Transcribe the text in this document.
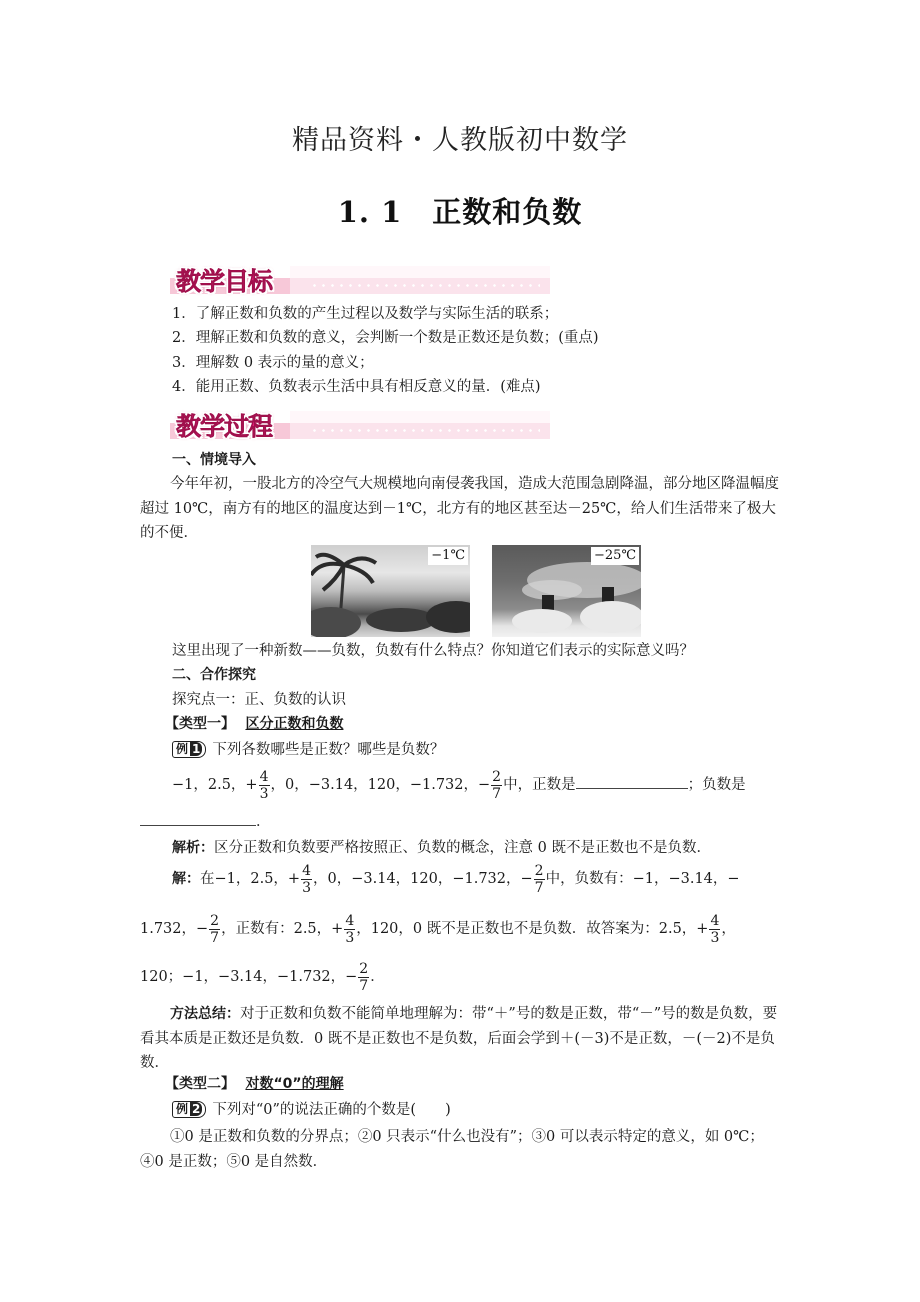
精品资料・人教版初中数学
1. 1 正数和负数
教学目标
1．了解正数和负数的产生过程以及数学与实际生活的联系；
2．理解正数和负数的意义，会判断一个数是正数还是负数；(重点)
3．理解数 0 表示的量的意义；
4．能用正数、负数表示生活中具有相反意义的量．(难点)
教学过程
一、情境导入
今年年初，一股北方的冷空气大规模地向南侵袭我国，造成大范围急剧降温，部分地区降温幅度超过 10℃，南方有的地区的温度达到－1℃，北方有的地区甚至达－25℃，给人们生活带来了极大的不便．
−1℃	−25℃
这里出现了一种新数——负数，负数有什么特点？你知道它们表示的实际意义吗？
二、合作探究
探究点一：正、负数的认识
【类型一】 区分正数和负数
例 1 下列各数哪些是正数？哪些是负数？
−1，2.5，+ $\frac{4}{3}$ ，0，−3.14，120，−1.732，− $\frac{2}{7}$ 中，正数是	；负数是
．
解析：区分正数和负数要严格按照正、负数的概念，注意 0 既不是正数也不是负数．
解：在−1，2.5，+ $\frac{4}{3}$ ，0，−3.14，120，−1.732，− $\frac{2}{7}$ 中，负数有：−1，−3.14，−
1.732，− $\frac{2}{7}$ ，正数有：2.5，+ $\frac{4}{3}$ ，120，0 既不是正数也不是负数．故答案为：2.5，+ $\frac{4}{3}$ ，
120；−1，−3.14，−1.732，− $\frac{2}{7}$ ．
方法总结：对于正数和负数不能简单地理解为：带“＋”号的数是正数，带“－”号的数是负数，要看其本质是正数还是负数．0 既不是正数也不是负数，后面会学到＋(－3)不是正数，－(－2)不是负数．
【类型二】 对数“0”的理解
例 2 下列对“0”的说法正确的个数是(　　)
①0 是正数和负数的分界点；②0 只表示“什么也没有”；③0 可以表示特定的意义，如 0℃；④0 是正数；⑤0 是自然数．
